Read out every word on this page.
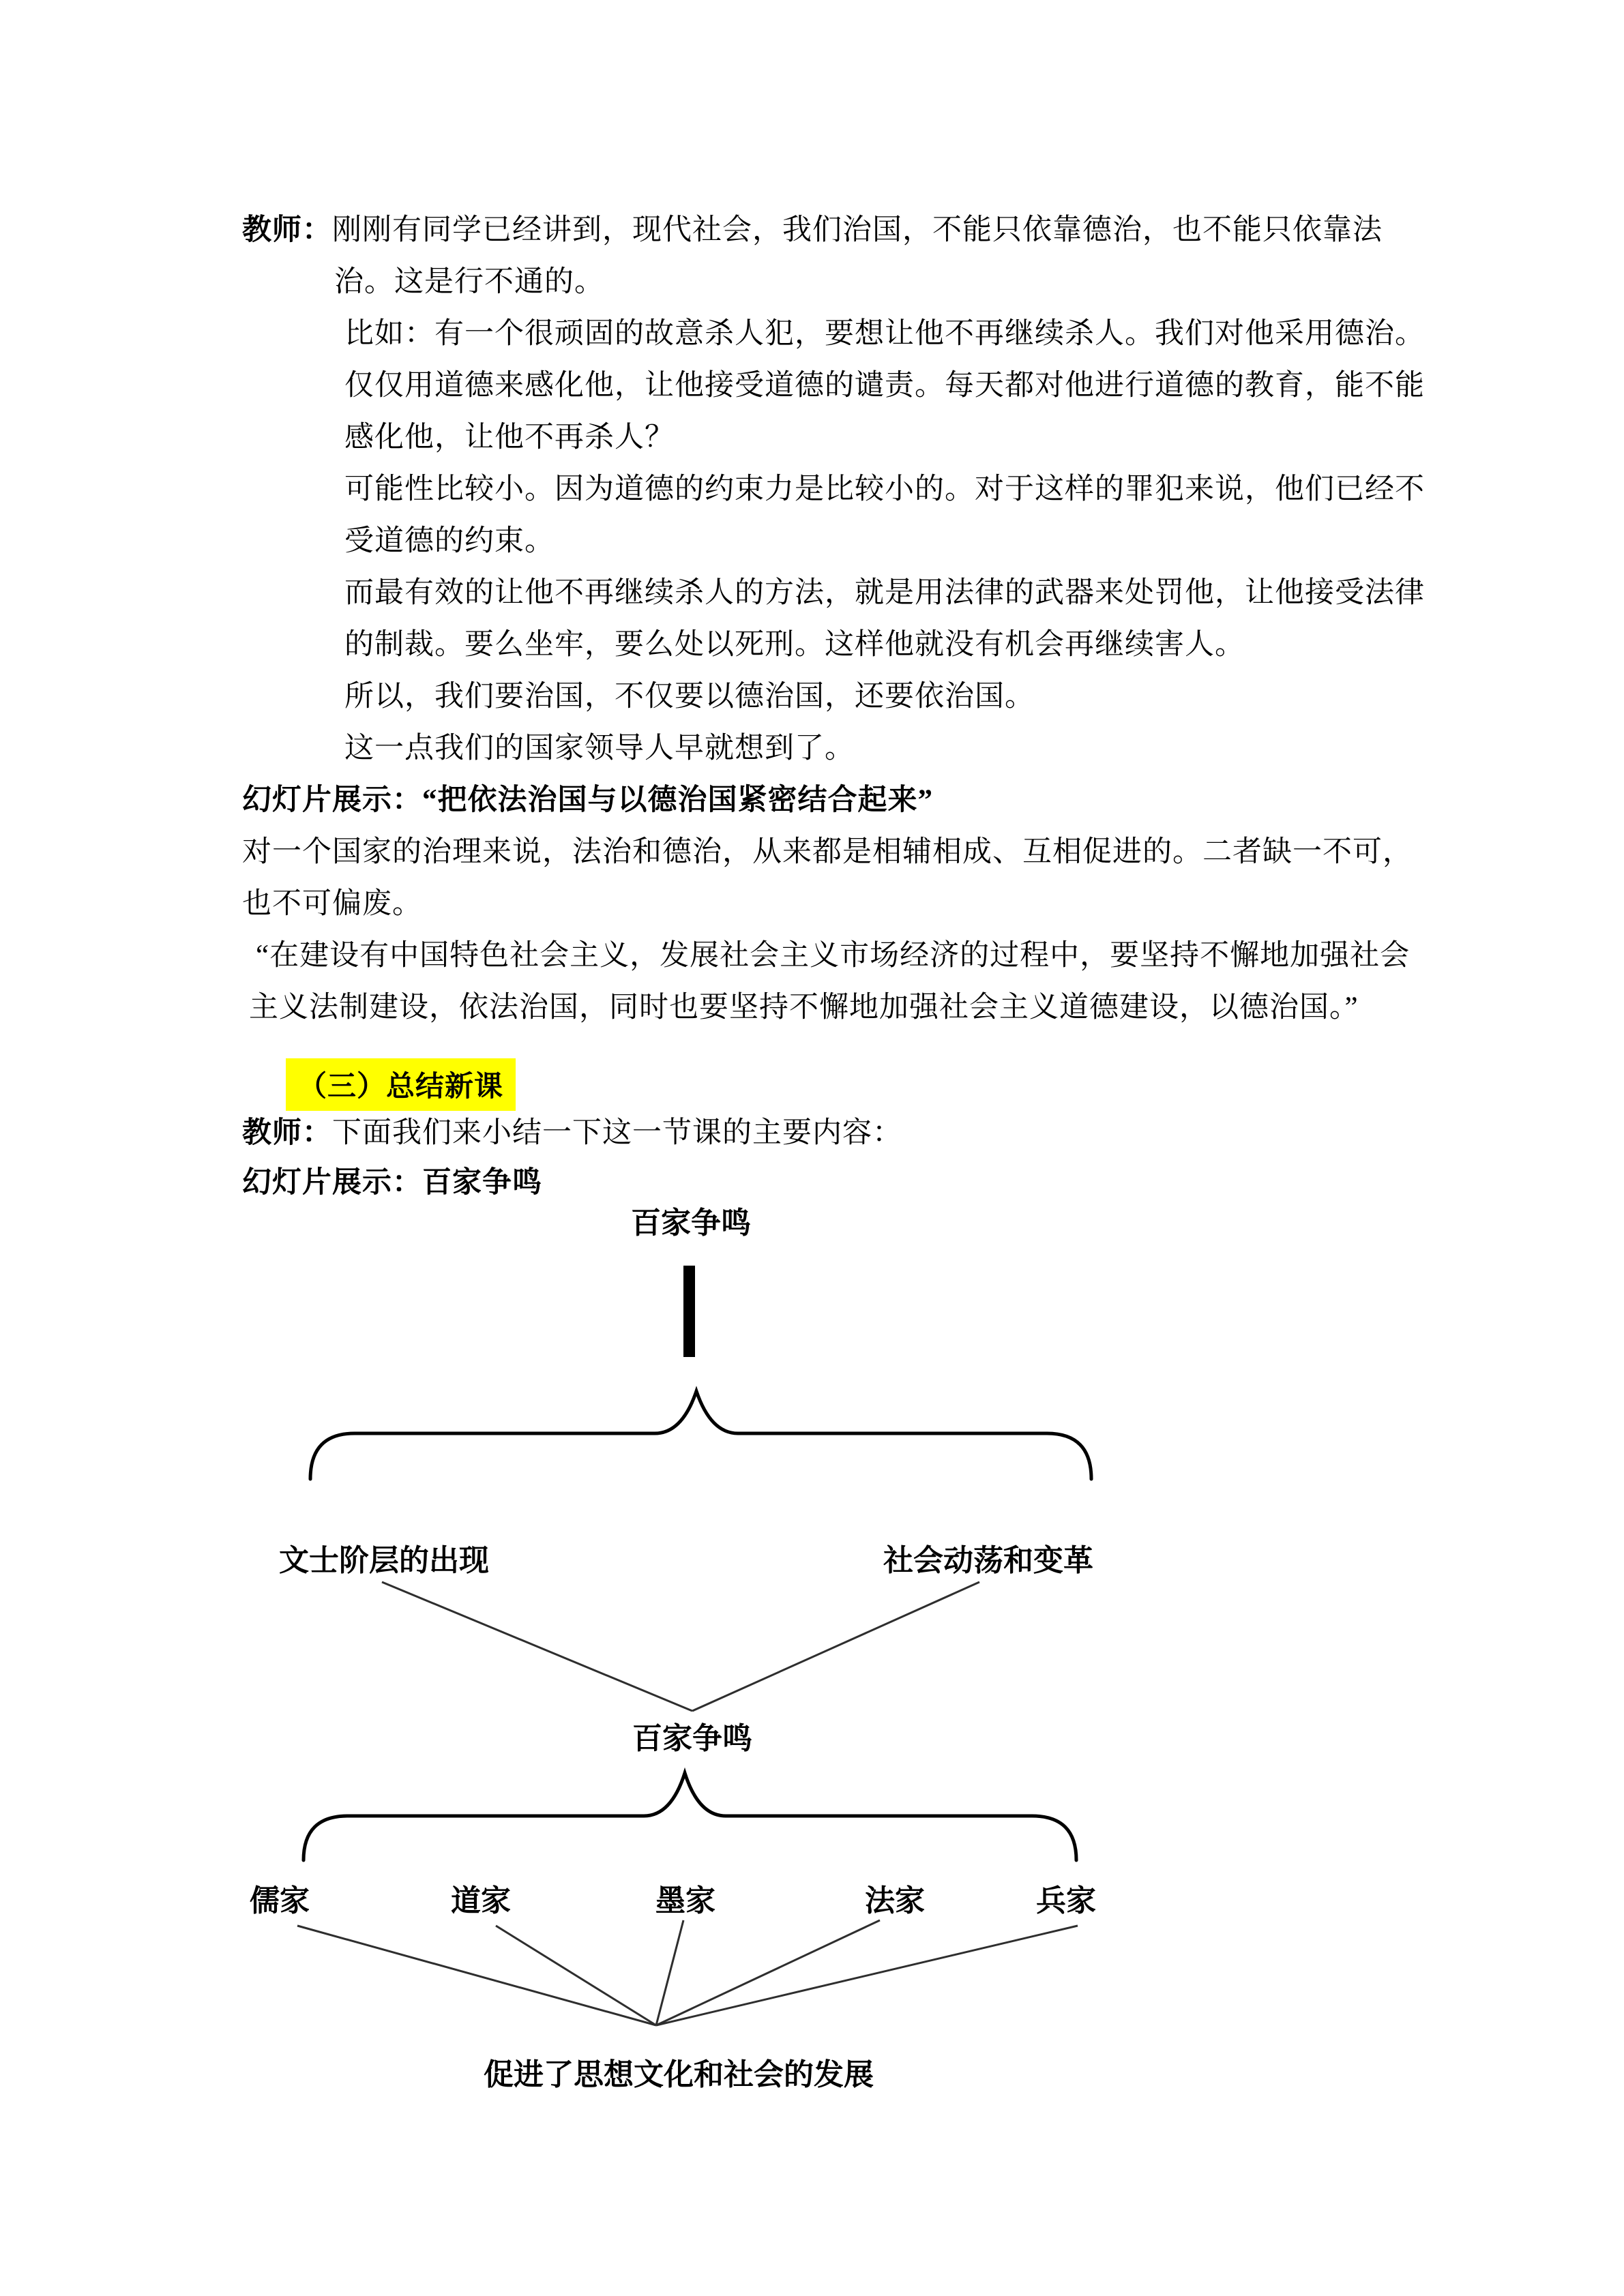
教师：刚刚有同学已经讲到，现代社会，我们治国，不能只依靠德治，也不能只依靠法
治。这是行不通的。
比如：有一个很顽固的故意杀人犯，要想让他不再继续杀人。我们对他采用德治。
仅仅用道德来感化他，让他接受道德的谴责。每天都对他进行道德的教育，能不能
感化他，让他不再杀人？
可能性比较小。因为道德的约束力是比较小的。对于这样的罪犯来说，他们已经不
受道德的约束。
而最有效的让他不再继续杀人的方法，就是用法律的武器来处罚他，让他接受法律
的制裁。要么坐牢，要么处以死刑。这样他就没有机会再继续害人。
所以，我们要治国，不仅要以德治国，还要依治国。
这一点我们的国家领导人早就想到了。
幻灯片展示：“把依法治国与以德治国紧密结合起来”
对一个国家的治理来说，法治和德治，从来都是相辅相成、互相促进的。二者缺一不可，
也不可偏废。
“在建设有中国特色社会主义，发展社会主义市场经济的过程中，要坚持不懈地加强社会
主义法制建设，依法治国，同时也要坚持不懈地加强社会主义道德建设，以德治国。”
（三）总结新课
教师：下面我们来小结一下这一节课的主要内容：
幻灯片展示：百家争鸣
百家争鸣
文士阶层的出现	社会动荡和变革
百家争鸣
儒家	道家	墨家	法家	兵家
促进了思想文化和社会的发展
